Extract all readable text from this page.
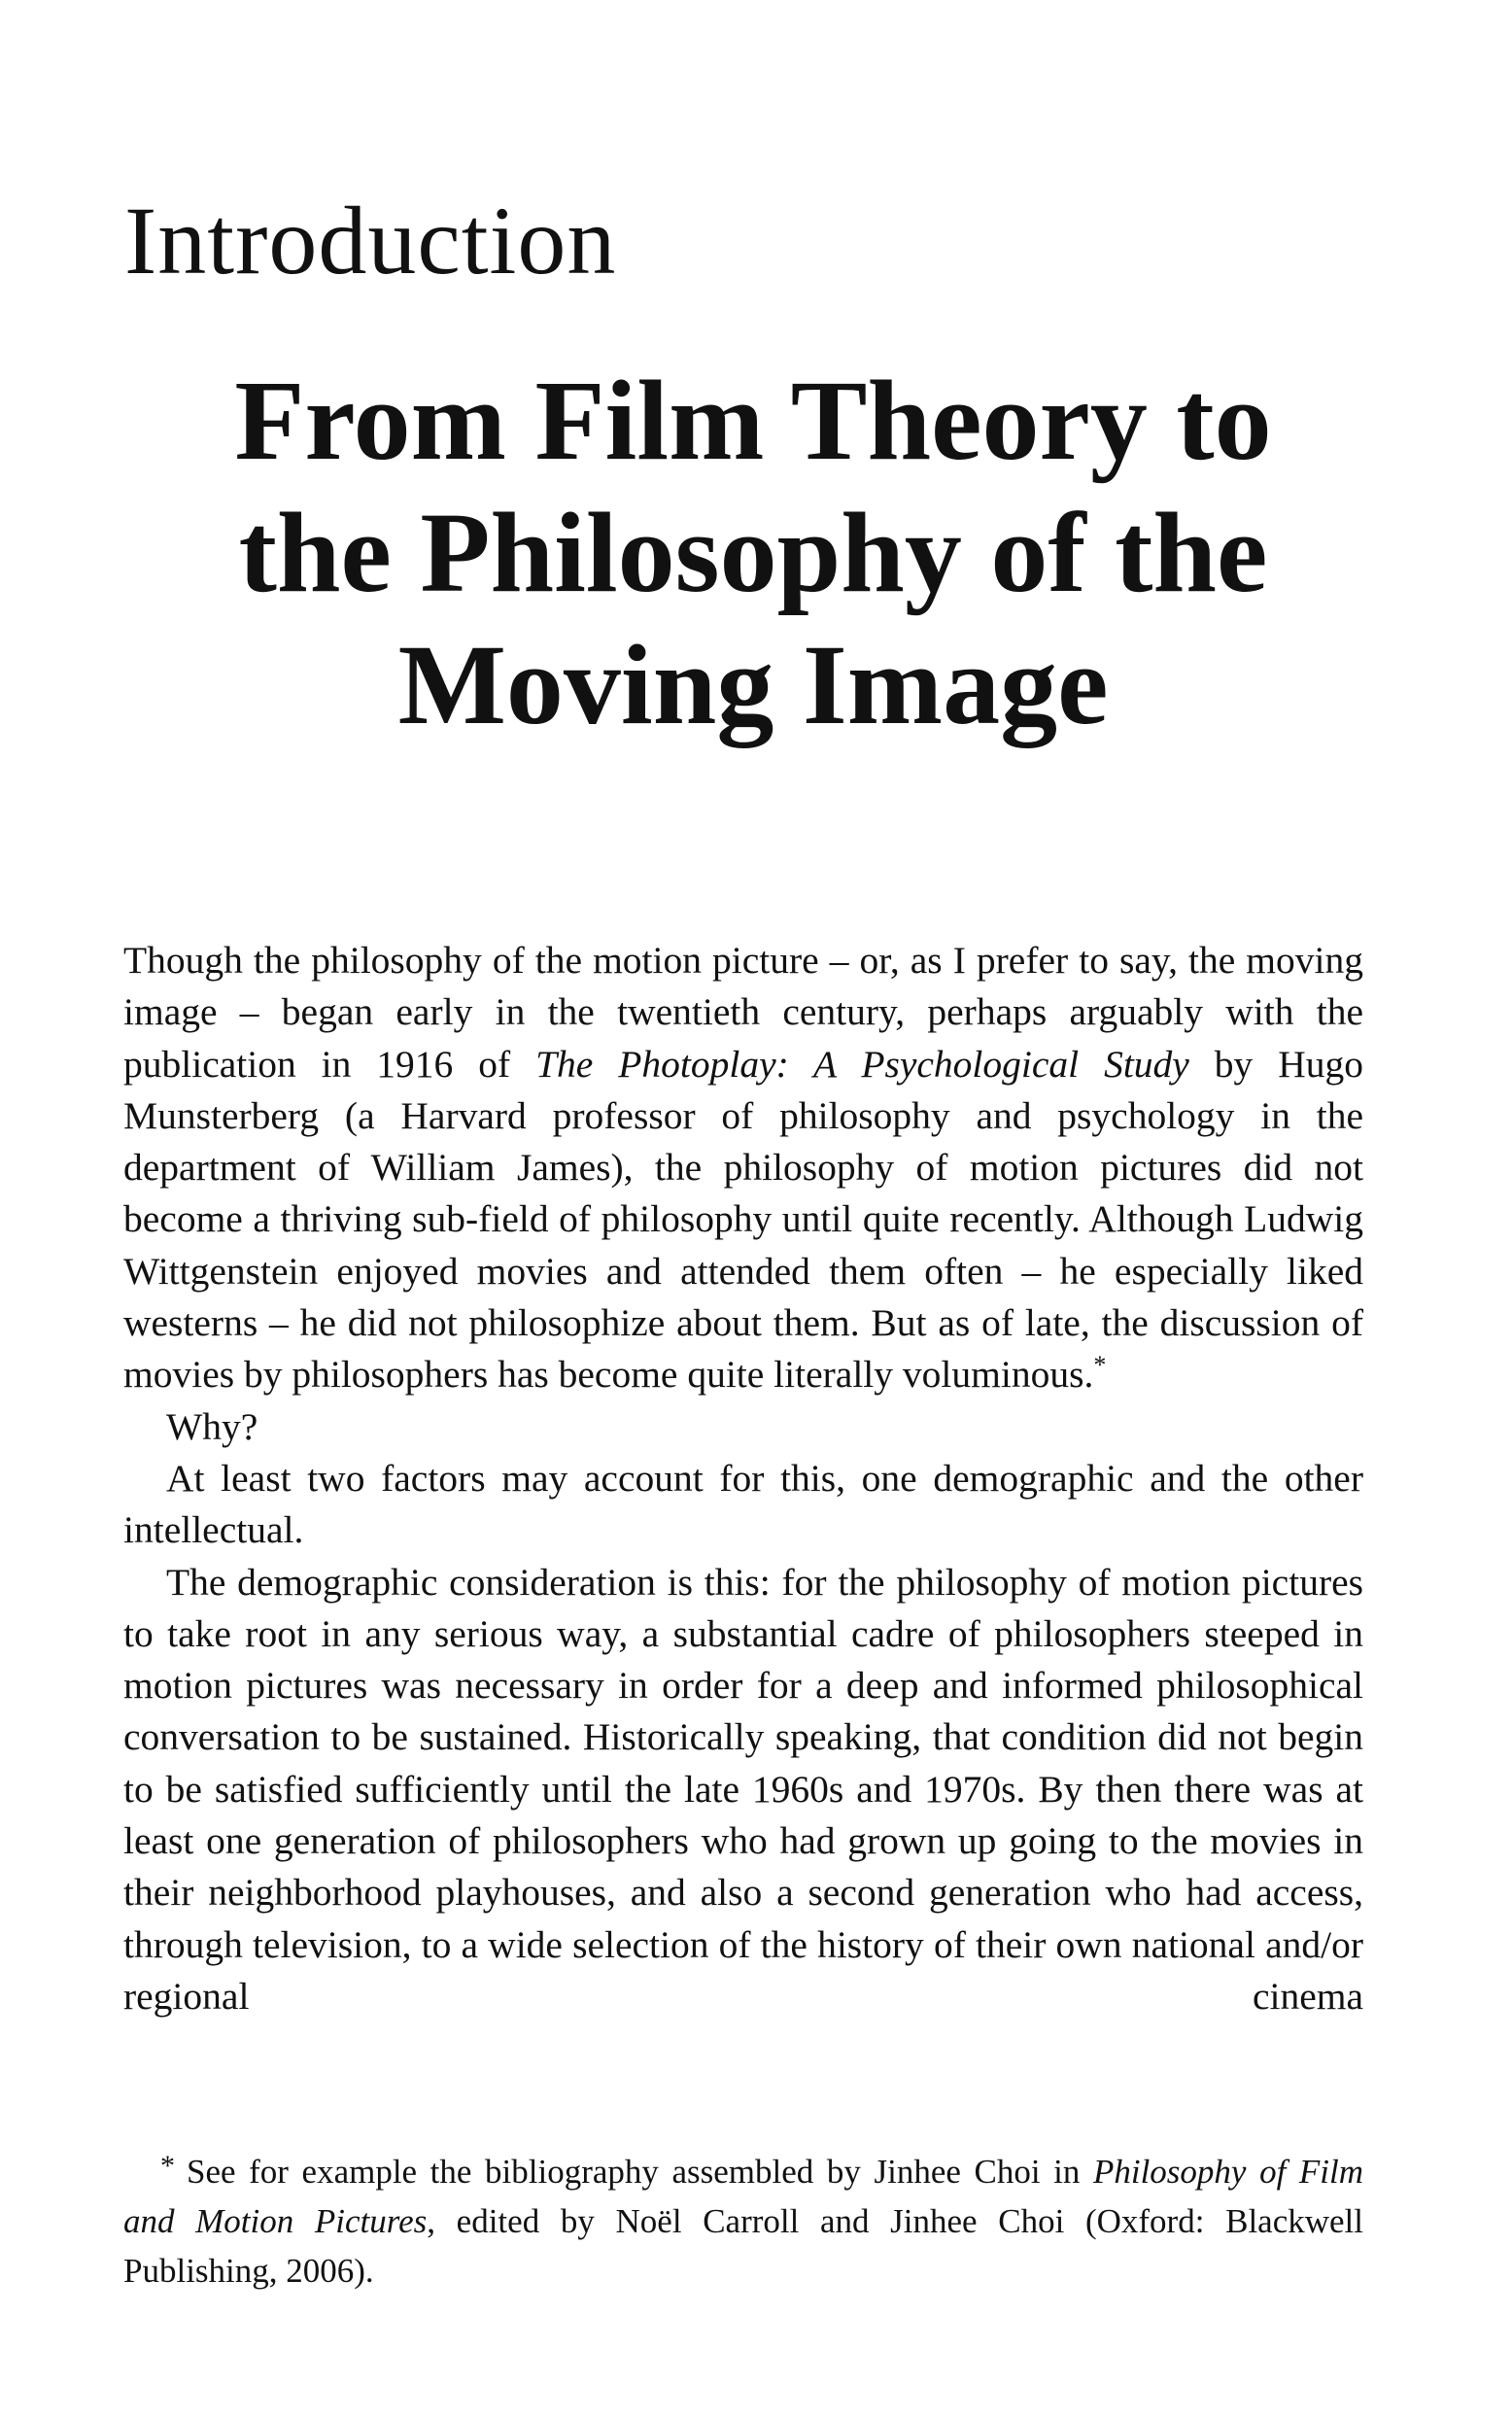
Introduction
From Film Theory to
the Philosophy of the
Moving Image

Though the philosophy of the motion picture – or, as I prefer to say, the moving image – began early in the twentieth century, perhaps arguably with the publication in 1916 of The Photoplay: A Psychological Study by Hugo Munsterberg (a Harvard professor of philosophy and psychology in the department of William James), the philosophy of motion pictures did not become a thriving sub-field of philosophy until quite recently. Although Ludwig Wittgenstein enjoyed movies and attended them often – he especially liked westerns – he did not philosophize about them. But as of late, the discussion of movies by philosophers has become quite literally voluminous.*

Why?

At least two factors may account for this, one demographic and the other intellectual.

The demographic consideration is this: for the philosophy of motion pictures to take root in any serious way, a substantial cadre of philosophers steeped in motion pictures was necessary in order for a deep and informed philosophical conversation to be sustained. Historically speaking, that condition did not begin to be satisfied sufficiently until the late 1960s and 1970s. By then there was at least one generation of philosophers who had grown up going to the movies in their neighborhood playhouses, and also a second generation who had access, through television, to a wide selection of the history of their own national and/or regional cinema

* See for example the bibliography assembled by Jinhee Choi in Philosophy of Film and Motion Pictures, edited by Noël Carroll and Jinhee Choi (Oxford: Blackwell Publishing, 2006).
